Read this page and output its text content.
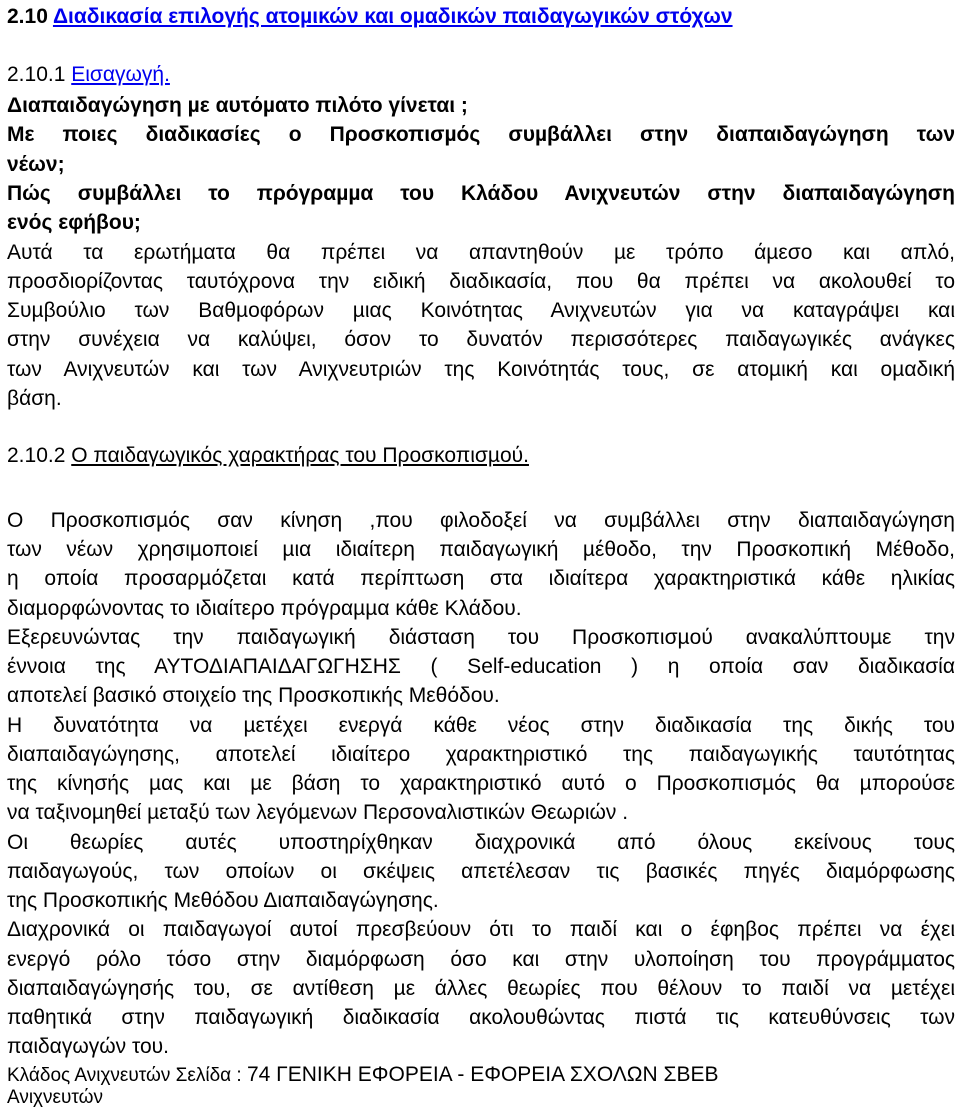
2.10 Διαδικασία επιλογής ατοµικών και οµαδικών παιδαγωγικών στόχων
2.10.1 Εισαγωγή.
Διαπαιδαγώγηση µε αυτόµατο πιλότο γίνεται ;
Με ποιες διαδικασίες ο Προσκοπισµός συµβάλλει στην διαπαιδαγώγηση των
νέων;
Πώς συµβάλλει το πρόγραµµα του Κλάδου Ανιχνευτών στην διαπαιδαγώγηση
ενός εφήβου;
Αυτά τα ερωτήµατα θα πρέπει να απαντηθούν µε τρόπο άµεσο και απλό,
προσδιορίζοντας ταυτόχρονα την ειδική διαδικασία, που θα πρέπει να ακολουθεί το
Συµβούλιο των Βαθµοφόρων µιας Κοινότητας Ανιχνευτών για να καταγράψει και
στην συνέχεια να καλύψει, όσον το δυνατόν περισσότερες παιδαγωγικές ανάγκες
των Ανιχνευτών και των Ανιχνευτριών της Κοινότητάς τους, σε ατοµική και οµαδική
βάση.
2.10.2 Ο παιδαγωγικός χαρακτήρας του Προσκοπισµού.
Ο Προσκοπισµός σαν κίνηση ,που φιλοδοξεί να συµβάλλει στην διαπαιδαγώγηση
των νέων χρησιµοποιεί µια ιδιαίτερη παιδαγωγική µέθοδο, την Προσκοπική Μέθοδο,
η οποία προσαρµόζεται κατά περίπτωση στα ιδιαίτερα χαρακτηριστικά κάθε ηλικίας
διαµορφώνοντας το ιδιαίτερο πρόγραµµα κάθε Κλάδου.
Εξερευνώντας την παιδαγωγική διάσταση του Προσκοπισµού ανακαλύπτουµε την
έννοια της ΑΥΤΟΔΙΑΠΑΙΔΑΓΩΓΗΣΗΣ ( Self-education ) η οποία σαν διαδικασία
αποτελεί βασικό στοιχείο της Προσκοπικής Μεθόδου.
Η δυνατότητα να µετέχει ενεργά κάθε νέος στην διαδικασία της δικής του
διαπαιδαγώγησης, αποτελεί ιδιαίτερο χαρακτηριστικό της παιδαγωγικής ταυτότητας
της κίνησής µας και µε βάση το χαρακτηριστικό αυτό ο Προσκοπισµός θα µπορούσε
να ταξινοµηθεί µεταξύ των λεγόµενων Περσοναλιστικών Θεωριών .
Οι θεωρίες αυτές υποστηρίχθηκαν διαχρονικά από όλους εκείνους τους
παιδαγωγούς, των οποίων οι σκέψεις απετέλεσαν τις βασικές πηγές διαµόρφωσης
της Προσκοπικής Μεθόδου Διαπαιδαγώγησης.
Διαχρονικά οι παιδαγωγοί αυτοί πρεσβεύουν ότι το παιδί και ο έφηβος πρέπει να έχει
ενεργό ρόλο τόσο στην διαµόρφωση όσο και στην υλοποίηση του προγράµµατος
διαπαιδαγώγησής του, σε αντίθεση µε άλλες θεωρίες που θέλουν το παιδί να µετέχει
παθητικά στην παιδαγωγική διαδικασία ακολουθώντας πιστά τις κατευθύνσεις των
παιδαγωγών του.
Κλάδος Ανιχνευτών Σελίδα : 74 ΓΕΝΙΚΗ ΕΦΟΡΕΙΑ - ΕΦΟΡΕΙΑ ΣΧΟΛΩΝ ΣΒΕΒ
Ανιχνευτών
